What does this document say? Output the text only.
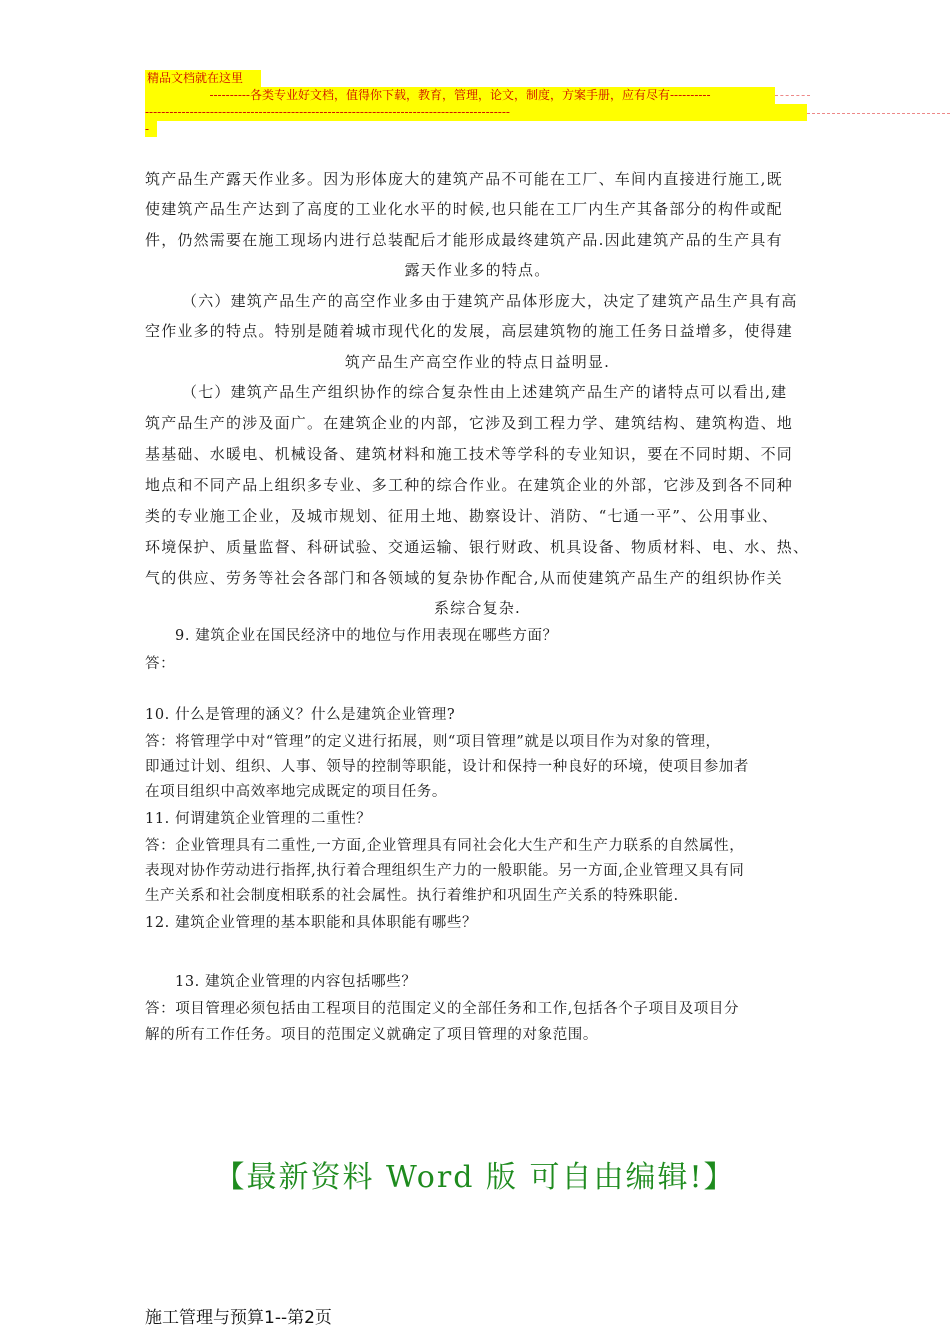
精品文档就在这里
----------各类专业好文档，值得你下载，教育，管理，论文，制度，方案手册，应有尽有----------
------------------------------------------------------------------------------------------
-
筑产品生产露天作业多。因为形体庞大的建筑产品不可能在工厂、车间内直接进行施工,既
使建筑产品生产达到了高度的工业化水平的时候,也只能在工厂内生产其备部分的构件或配
件，仍然需要在施工现场内进行总装配后才能形成最终建筑产品.因此建筑产品的生产具有
露天作业多的特点。
（六）建筑产品生产的高空作业多由于建筑产品体形庞大，决定了建筑产品生产具有高
空作业多的特点。特别是随着城市现代化的发展，高层建筑物的施工任务日益增多，使得建
筑产品生产高空作业的特点日益明显.
（七）建筑产品生产组织协作的综合复杂性由上述建筑产品生产的诸特点可以看出,建
筑产品生产的涉及面广。在建筑企业的内部，它涉及到工程力学、建筑结构、建筑构造、地
基基础、水暖电、机械设备、建筑材料和施工技术等学科的专业知识，要在不同时期、不同
地点和不同产品上组织多专业、多工种的综合作业。在建筑企业的外部，它涉及到各不同种
类的专业施工企业，及城市规划、征用土地、勘察设计、消防、“七通一平”、公用事业、
环境保护、质量监督、科研试验、交通运输、银行财政、机具设备、物质材料、电、水、热、
气的供应、劳务等社会各部门和各领域的复杂协作配合,从而使建筑产品生产的组织协作关
系综合复杂.
9. 建筑企业在国民经济中的地位与作用表现在哪些方面？
答：
10. 什么是管理的涵义？什么是建筑企业管理?
答：将管理学中对“管理”的定义进行拓展，则“项目管理”就是以项目作为对象的管理，
即通过计划、组织、人事、领导的控制等职能，设计和保持一种良好的环境，使项目参加者
在项目组织中高效率地完成既定的项目任务。
11. 何谓建筑企业管理的二重性？
答：企业管理具有二重性,一方面,企业管理具有同社会化大生产和生产力联系的自然属性，
表现对协作劳动进行指挥,执行着合理组织生产力的一般职能。另一方面,企业管理又具有同
生产关系和社会制度相联系的社会属性。执行着维护和巩固生产关系的特殊职能.
12. 建筑企业管理的基本职能和具体职能有哪些？
13. 建筑企业管理的内容包括哪些？
答：项目管理必须包括由工程项目的范围定义的全部任务和工作,包括各个子项目及项目分
解的所有工作任务。项目的范围定义就确定了项目管理的对象范围。
【最新资料 Word 版 可自由编辑!】
施工管理与预算1--第2页
